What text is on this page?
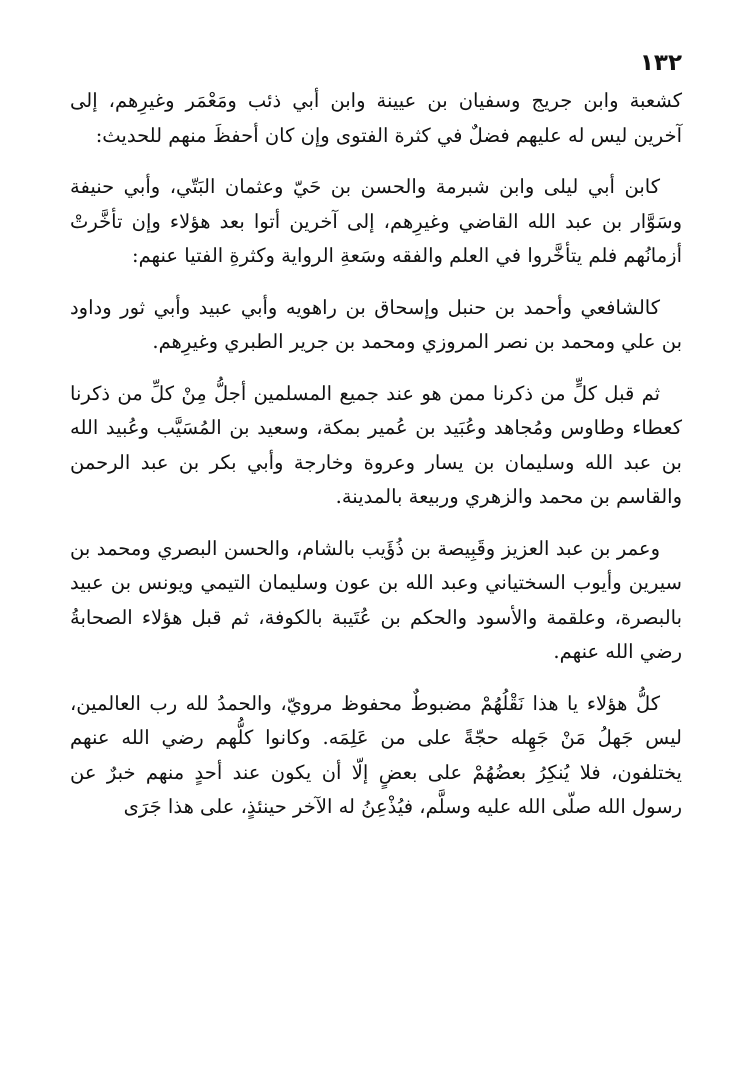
١٣٢

كشعبة وابن جريج وسفيان بن عيينة وابن أبي ذئب ومَعْمَر وغيرِهم، إلى آخرين ليس له عليهم فضلٌ في كثرة الفتوى وإن كان أحفظَ منهم للحديث:

كابن أبي ليلى وابن شبرمة والحسن بن حَيّ وعثمان البَتّي، وأبي حنيفة وسَوَّار بن عبد الله القاضي وغيرِهم، إلى آخرين أتوا بعد هؤلاء وإن تأخَّرتْ أزمانُهم فلم يتأخَّروا في العلم والفقه وسَعةِ الرواية وكثرةِ الفتيا عنهم:

كالشافعي وأحمد بن حنبل وإسحاق بن راهويه وأبي عبيد وأبي ثور وداود بن علي ومحمد بن نصر المروزي ومحمد بن جرير الطبري وغيرِهم.

ثم قبل كلٍّ من ذكرنا ممن هو عند جميع المسلمين أجلُّ مِنْ كلِّ من ذكرنا كعطاء وطاوس ومُجاهد وعُبَيد بن عُمير بمكة، وسعيد بن المُسَيَّب وعُبيد الله بن عبد الله وسليمان بن يسار وعروة وخارجة وأبي بكر بن عبد الرحمن والقاسم بن محمد والزهري وربيعة بالمدينة.

وعمر بن عبد العزيز وقَبِيصة بن ذُؤَيب بالشام، والحسن البصري ومحمد بن سيرين وأيوب السختياني وعبد الله بن عون وسليمان التيمي ويونس بن عبيد بالبصرة، وعلقمة والأسود والحكم بن عُتَيبة بالكوفة، ثم قبل هؤلاء الصحابةُ رضي الله عنهم.

كلُّ هؤلاء يا هذا نَقْلُهُمْ مضبوطٌ محفوظ مرويّ، والحمدُ لله رب العالمين، ليس جَهلُ مَنْ جَهِله حجّةً على من عَلِمَه. وكانوا كلُّهم رضي الله عنهم يختلفون، فلا يُنكِرُ بعضُهُمْ على بعضٍ إلّا أن يكون عند أحدٍ منهم خبرٌ عن رسول الله صلّى الله عليه وسلَّم، فيُذْعِنُ له الآخر حينئذٍ، على هذا جَرَى
